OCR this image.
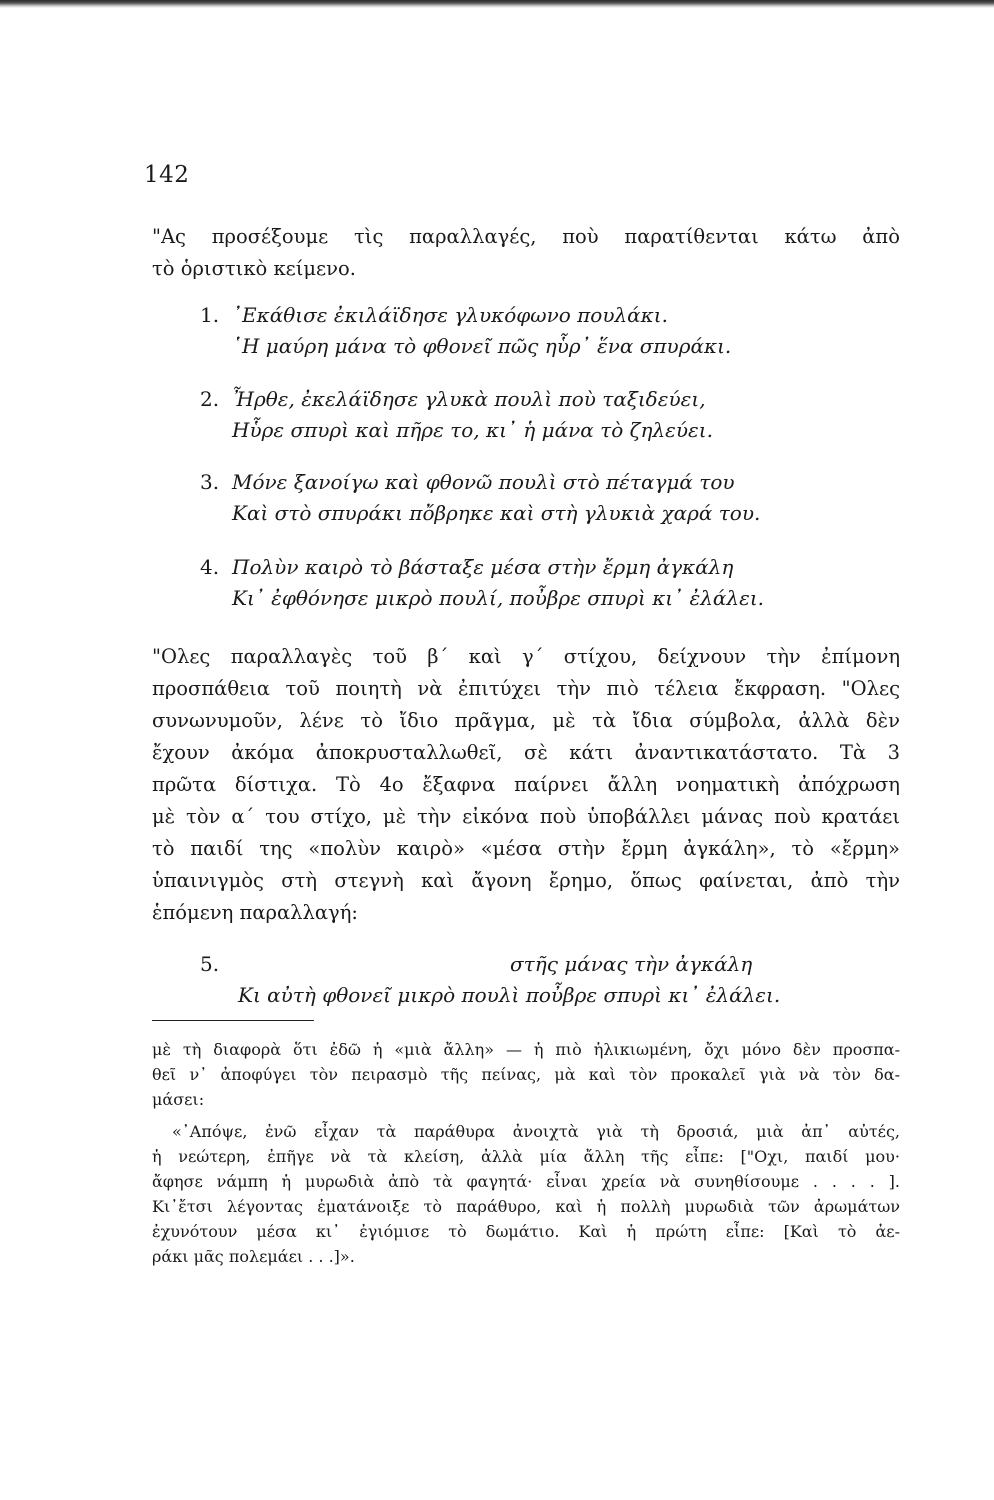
142
"Ας προσέξουμε τὶς παραλλαγές, ποὺ παρατίθενται κάτω ἀπὸ
τὸ ὁριστικὸ κείμενο.
1. ᾿Εκάθισε ἐκιλάϊδησε γλυκόφωνο πουλάκι.
῾Η μαύρη μάνα τὸ φθονεῖ πῶς ηὗρ᾿ ἕνα σπυράκι.
2. Ἦρθε, ἐκελάϊδησε γλυκὰ πουλὶ ποὺ ταξιδεύει,
Ηὗρε σπυρὶ καὶ πῆρε το, κι᾿ ἡ μάνα τὸ ζηλεύει.
3. Μόνε ξανοίγω καὶ φθονῶ πουλὶ στὸ πέταγμά του
Καὶ στὸ σπυράκι πὄβρηκε καὶ στὴ γλυκιὰ χαρά του.
4. Πολὺν καιρὸ τὸ βάσταξε μέσα στὴν ἔρμη ἀγκάλη
Κι᾿ ἐφθόνησε μικρὸ πουλί, ποὖβρε σπυρὶ κι᾿ ἐλάλει.
"Ολες παραλλαγὲς τοῦ β΄ καὶ γ΄ στίχου, δείχνουν τὴν ἐπίμονη
προσπάθεια τοῦ ποιητὴ νὰ ἐπιτύχει τὴν πιὸ τέλεια ἔκφραση. "Ολες
συνωνυμοῦν, λένε τὸ ἴδιο πρᾶγμα, μὲ τὰ ἴδια σύμβολα, ἀλλὰ δὲν
ἔχουν ἀκόμα ἀποκρυσταλλωθεῖ, σὲ κάτι ἀναντικατάστατο. Τὰ 3
πρῶτα δίστιχα. Τὸ 4ο ἔξαφνα παίρνει ἄλλη νοηματικὴ ἀπόχρωση
μὲ τὸν α΄ του στίχο, μὲ τὴν εἰκόνα ποὺ ὑποβάλλει μάνας ποὺ κρατάει
τὸ παιδί της «πολὺν καιρὸ» «μέσα στὴν ἔρμη ἀγκάλη», τὸ «ἔρμη»
ὑπαινιγμὸς στὴ στεγνὴ καὶ ἄγονη ἔρημο, ὅπως φαίνεται, ἀπὸ τὴν
ἑπόμενη παραλλαγή:
5.	στῆς μάνας τὴν ἀγκάλη
Κι αὐτὴ φθονεῖ μικρὸ πουλὶ ποὖβρε σπυρὶ κι᾿ ἐλάλει.
μὲ τὴ διαφορὰ ὅτι ἐδῶ ἡ «μιὰ ἄλλη» — ἡ πιὸ ἡλικιωμένη, ὄχι μόνο δὲν προσπα-
θεῖ ν᾿ ἀποφύγει τὸν πειρασμὸ τῆς πείνας, μὰ καὶ τὸν προκαλεῖ γιὰ νὰ τὸν δα-
μάσει:
«᾿Απόψε, ἐνῶ εἶχαν τὰ παράθυρα ἀνοιχτὰ γιὰ τὴ δροσιά, μιὰ ἀπ᾿ αὐτές,
ἡ νεώτερη, ἐπῆγε νὰ τὰ κλείση, ἀλλὰ μία ἄλλη τῆς εἶπε: ["Οχι, παιδί μου·
ἄφησε νάμπη ἡ μυρωδιὰ ἀπὸ τὰ φαγητά· εἶναι χρεία νὰ συνηθίσουμε . . . . ].
Κι᾿ἔτσι λέγοντας ἐματάνοιξε τὸ παράθυρο, καὶ ἡ πολλὴ μυρωδιὰ τῶν ἀρωμάτων
ἐχυνότουν μέσα κι᾿ ἐγιόμισε τὸ δωμάτιο. Καὶ ἡ πρώτη εἶπε: [Καὶ τὸ ἀε-
ράκι μᾶς πολεμάει . . .]».
